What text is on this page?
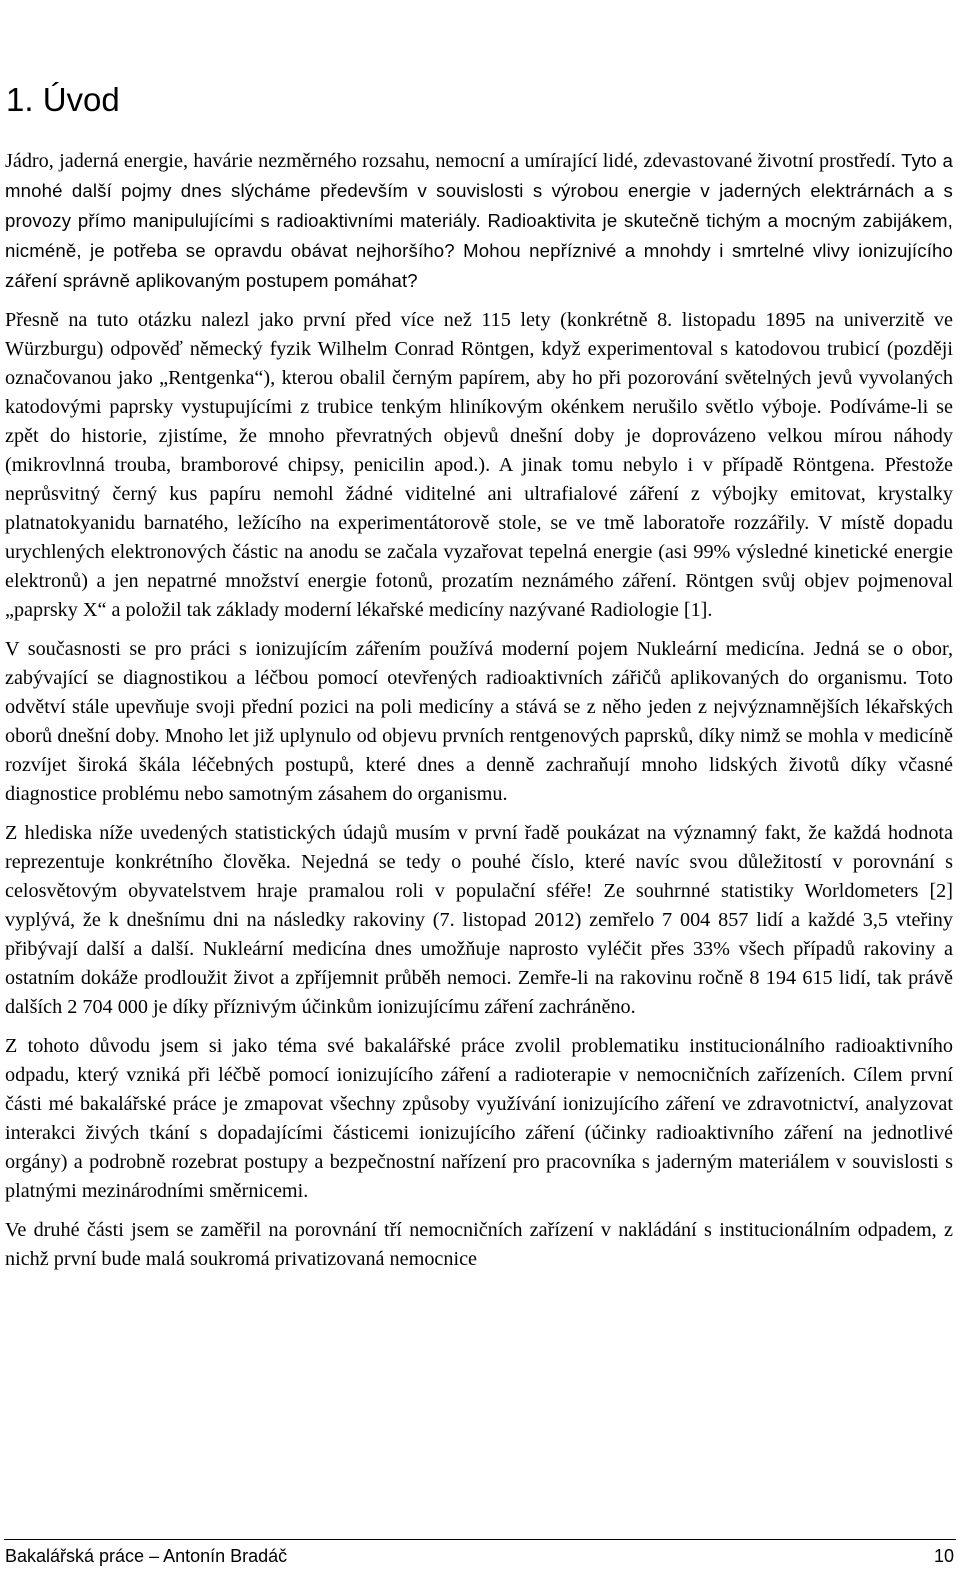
1. Úvod

Jádro, jaderná energie, havárie nezměrného rozsahu, nemocní a umírající lidé, zdevastované životní prostředí. Tyto a mnohé další pojmy dnes slýcháme především v souvislosti s výrobou energie v jaderných elektrárnách a s provozy přímo manipulujícími s radioaktivními materiály. Radioaktivita je skutečně tichým a mocným zabijákem, nicméně, je potřeba se opravdu obávat nejhoršího? Mohou nepříznivé a mnohdy i smrtelné vlivy ionizujícího záření správně aplikovaným postupem pomáhat?

Přesně na tuto otázku nalezl jako první před více než 115 lety (konkrétně 8. listopadu 1895 na univerzitě ve Würzburgu) odpověď německý fyzik Wilhelm Conrad Röntgen, když experimentoval s katodovou trubicí (později označovanou jako „Rentgenka“), kterou obalil černým papírem, aby ho při pozorování světelných jevů vyvolaných katodovými paprsky vystupujícími z trubice tenkým hliníkovým okénkem nerušilo světlo výboje. Podíváme-li se zpět do historie, zjistíme, že mnoho převratných objevů dnešní doby je doprovázeno velkou mírou náhody (mikrovlnná trouba, bramborové chipsy, penicilin apod.). A jinak tomu nebylo i v případě Röntgena. Přestože neprůsvitný černý kus papíru nemohl žádné viditelné ani ultrafialové záření z výbojky emitovat, krystalky platnatokyanidu barnatého, ležícího na experimentátorově stole, se ve tmě laboratoře rozzářily. V místě dopadu urychlených elektronových částic na anodu se začala vyzařovat tepelná energie (asi 99% výsledné kinetické energie elektronů) a jen nepatrné množství energie fotonů, prozatím neznámého záření. Röntgen svůj objev pojmenoval „paprsky X“ a položil tak základy moderní lékařské medicíny nazývané Radiologie [1].

V současnosti se pro práci s ionizujícím zářením používá moderní pojem Nukleární medicína. Jedná se o obor, zabývající se diagnostikou a léčbou pomocí otevřených radioaktivních zářičů aplikovaných do organismu. Toto odvětví stále upevňuje svoji přední pozici na poli medicíny a stává se z něho jeden z nejvýznamnějších lékařských oborů dnešní doby. Mnoho let již uplynulo od objevu prvních rentgenových paprsků, díky nimž se mohla v medicíně rozvíjet široká škála léčebných postupů, které dnes a denně zachraňují mnoho lidských životů díky včasné diagnostice problému nebo samotným zásahem do organismu.

Z hlediska níže uvedených statistických údajů musím v první řadě poukázat na významný fakt, že každá hodnota reprezentuje konkrétního člověka. Nejedná se tedy o pouhé číslo, které navíc svou důležitostí v porovnání s celosvětovým obyvatelstvem hraje pramalou roli v populační sféře! Ze souhrnné statistiky Worldometers [2] vyplývá, že k dnešnímu dni na následky rakoviny (7. listopad 2012) zemřelo 7 004 857 lidí a každé 3,5 vteřiny přibývají další a další. Nukleární medicína dnes umožňuje naprosto vyléčit přes 33% všech případů rakoviny a ostatním dokáže prodloužit život a zpříjemnit průběh nemoci. Zemře-li na rakovinu ročně 8 194 615 lidí, tak právě dalších 2 704 000 je díky příznivým účinkům ionizujícímu záření zachráněno.

Z tohoto důvodu jsem si jako téma své bakalářské práce zvolil problematiku institucionálního radioaktivního odpadu, který vzniká při léčbě pomocí ionizujícího záření a radioterapie v nemocničních zařízeních. Cílem první části mé bakalářské práce je zmapovat všechny způsoby využívání ionizujícího záření ve zdravotnictví, analyzovat interakci živých tkání s dopadajícími částicemi ionizujícího záření (účinky radioaktivního záření na jednotlivé orgány) a podrobně rozebrat postupy a bezpečnostní nařízení pro pracovníka s jaderným materiálem v souvislosti s platnými mezinárodními směrnicemi.

Ve druhé části jsem se zaměřil na porovnání tří nemocničních zařízení v nakládání s institucionálním odpadem, z nichž první bude malá soukromá privatizovaná nemocnice

Bakalářská práce – Antonín Bradáč	10
